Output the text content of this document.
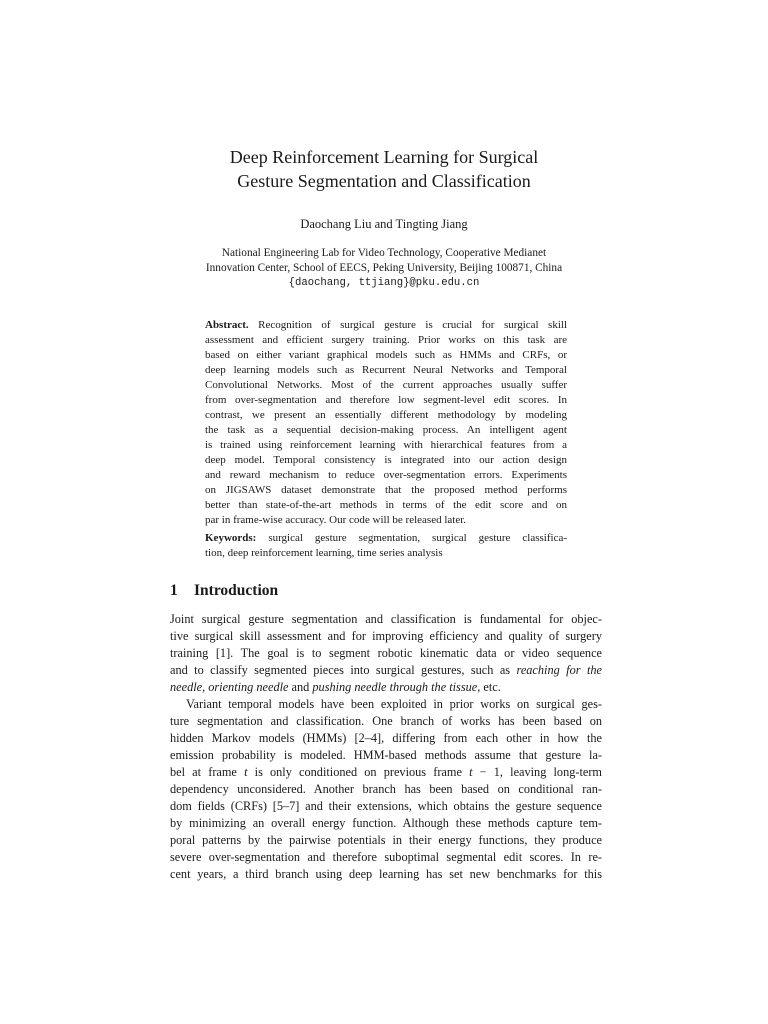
Deep Reinforcement Learning for Surgical
Gesture Segmentation and Classification
Daochang Liu and Tingting Jiang
National Engineering Lab for Video Technology, Cooperative Medianet
Innovation Center, School of EECS, Peking University, Beijing 100871, China
{daochang, ttjiang}@pku.edu.cn
Abstract. Recognition of surgical gesture is crucial for surgical skill
assessment and efficient surgery training. Prior works on this task are
based on either variant graphical models such as HMMs and CRFs, or
deep learning models such as Recurrent Neural Networks and Temporal
Convolutional Networks. Most of the current approaches usually suffer
from over-segmentation and therefore low segment-level edit scores. In
contrast, we present an essentially different methodology by modeling
the task as a sequential decision-making process. An intelligent agent
is trained using reinforcement learning with hierarchical features from a
deep model. Temporal consistency is integrated into our action design
and reward mechanism to reduce over-segmentation errors. Experiments
on JIGSAWS dataset demonstrate that the proposed method performs
better than state-of-the-art methods in terms of the edit score and on
par in frame-wise accuracy. Our code will be released later.
Keywords: surgical gesture segmentation, surgical gesture classifica-
tion, deep reinforcement learning, time series analysis
1 Introduction
Joint surgical gesture segmentation and classification is fundamental for objec-
tive surgical skill assessment and for improving efficiency and quality of surgery
training [1]. The goal is to segment robotic kinematic data or video sequence
and to classify segmented pieces into surgical gestures, such as reaching for the
needle, orienting needle and pushing needle through the tissue, etc.
Variant temporal models have been exploited in prior works on surgical ges-
ture segmentation and classification. One branch of works has been based on
hidden Markov models (HMMs) [2–4], differing from each other in how the
emission probability is modeled. HMM-based methods assume that gesture la-
bel at frame t is only conditioned on previous frame t − 1, leaving long-term
dependency unconsidered. Another branch has been based on conditional ran-
dom fields (CRFs) [5–7] and their extensions, which obtains the gesture sequence
by minimizing an overall energy function. Although these methods capture tem-
poral patterns by the pairwise potentials in their energy functions, they produce
severe over-segmentation and therefore suboptimal segmental edit scores. In re-
cent years, a third branch using deep learning has set new benchmarks for this
